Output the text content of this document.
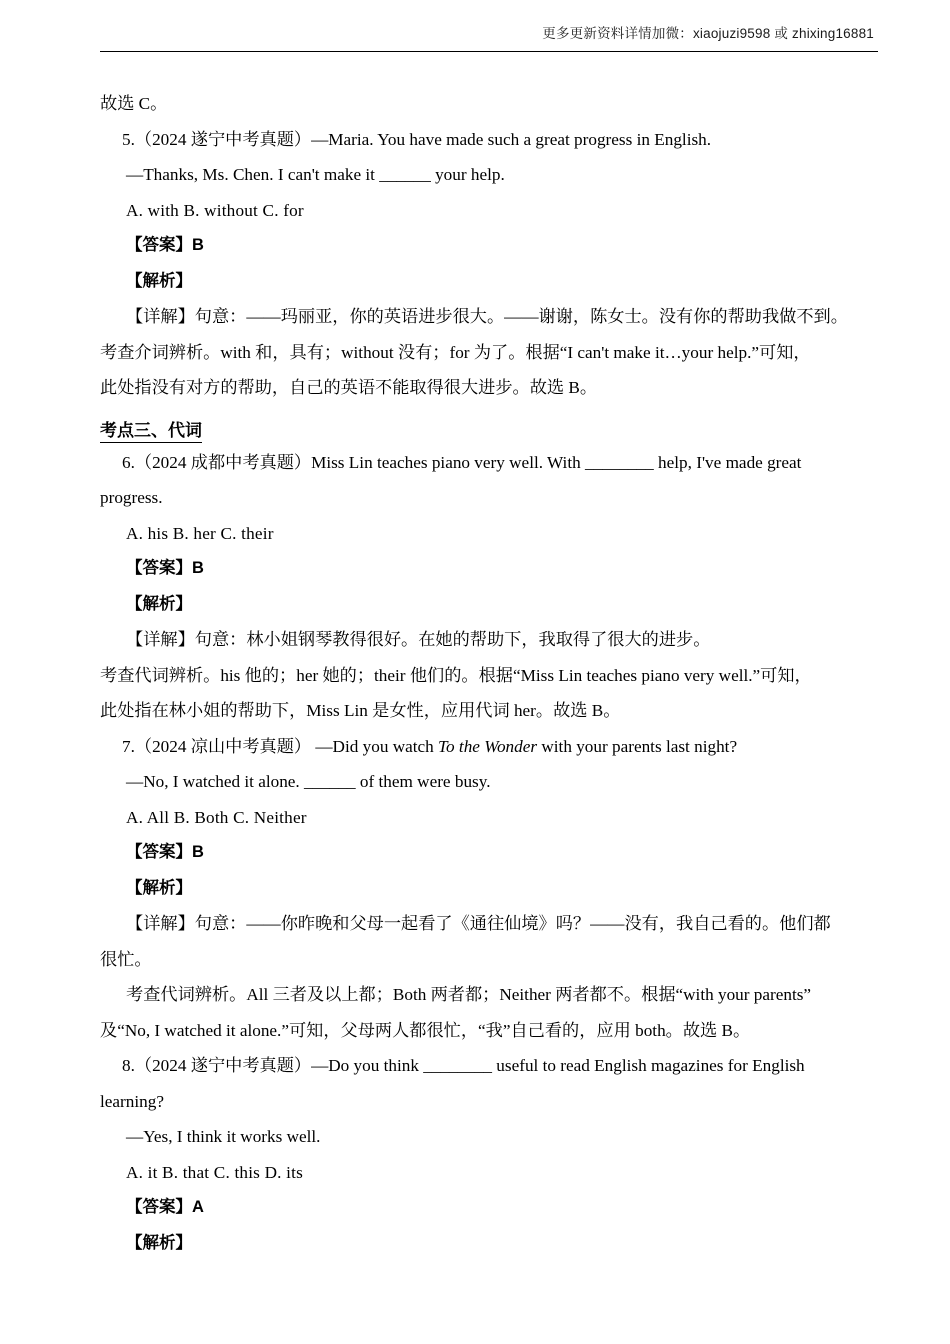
更多更新资料详情加微：xiaojuzi9598 或 zhixing16881

故选 C。

5.（2024 遂宁中考真题）—Maria. You have made such a great progress in English.

—Thanks, Ms. Chen. I can't make it ______ your help.

A. with B. without C. for

【答案】B

【解析】

【详解】句意：——玛丽亚，你的英语进步很大。——谢谢，陈女士。没有你的帮助我做不到。

考查介词辨析。with 和，具有；without 没有；for 为了。根据“I can't make it…your help.”可知，

此处指没有对方的帮助，自己的英语不能取得很大进步。故选 B。

考点三、代词

6.（2024 成都中考真题）Miss Lin teaches piano very well. With ________ help, I've made great

progress.

A. his B. her C. their

【答案】B

【解析】

【详解】句意：林小姐钢琴教得很好。在她的帮助下，我取得了很大的进步。

考查代词辨析。his 他的；her 她的；their 他们的。根据“Miss Lin teaches piano very well.”可知，

此处指在林小姐的帮助下，Miss Lin 是女性，应用代词 her。故选 B。

7.（2024 凉山中考真题） —Did you watch To the Wonder with your parents last night?

—No, I watched it alone. ______ of them were busy.

A. All B. Both C. Neither

【答案】B

【解析】

【详解】句意：——你昨晚和父母一起看了《通往仙境》吗？——没有，我自己看的。他们都

很忙。

考查代词辨析。All 三者及以上都；Both 两者都；Neither 两者都不。根据“with your parents”

及“No, I watched it alone.”可知，父母两人都很忙，“我”自己看的，应用 both。故选 B。

8.（2024 遂宁中考真题）—Do you think ________ useful to read English magazines for English

learning?

—Yes, I think it works well.

A. it B. that C. this D. its

【答案】A

【解析】
